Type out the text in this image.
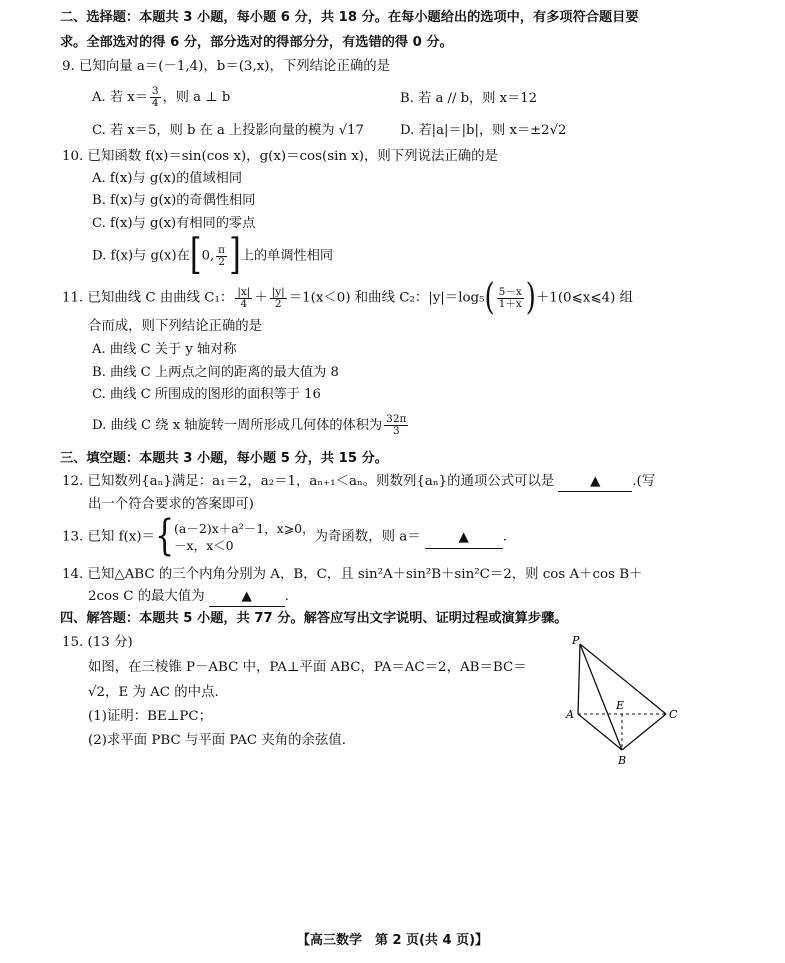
二、选择题：本题共 3 小题，每小题 6 分，共 18 分。在每小题给出的选项中，有多项符合题目要
求。全部选对的得 6 分，部分选对的得部分分，有选错的得 0 分。
9. 已知向量 a＝(－1,4)，b＝(3,x)，下列结论正确的是
A. 若 $x= \frac{3}{4}$ ，则 a ⊥ b	B. 若 a // b，则 x＝12
C. 若 x＝5，则 b 在 a 上投影向量的模为 √17	D. 若|a|＝|b|，则 x＝±2√2
10. 已知函数 f(x)＝sin(cos x)，g(x)＝cos(sin x)，则下列说法正确的是
A. f(x)与 g(x)的值域相同
B. f(x)与 g(x)的奇偶性相同
C. f(x)与 g(x)有相同的零点
D. f(x)与 g(x)在[0, $\frac{\pi}{2}$ ]上的单调性相同
11. 已知曲线 C 由曲线 C₁： $\frac{|x|}{4} + \frac{|y|}{2} =1(x<0)$ 和曲线 C₂：$|y|=\log_5( \frac{5-x}{1+x}$ )＋1(0⩽x⩽4) 组
合而成，则下列结论正确的是
A. 曲线 C 关于 y 轴对称
B. 曲线 C 上两点之间的距离的最大值为 8
C. 曲线 C 所围成的图形的面积等于 16
D. 曲线 C 绕 x 轴旋转一周所形成几何体的体积为 $\frac{32\pi}{3}$
三、填空题：本题共 3 小题，每小题 5 分，共 15 分。
12. 已知数列{aₙ}满足：a₁＝2，a₂＝1，aₙ₊₁＜aₙ。则数列{aₙ}的通项公式可以是	▲ .(写
出一个符合要求的答案即可)
13. 已知 f(x)＝{ (a－2)x＋a²－1，x⩾0，
－x，x＜0
为奇函数，则 a＝	▲	.
14. 已知△ABC 的三个内角分别为 A，B，C，且 sin²A＋sin²B＋sin²C＝2，则 cos A＋cos B＋
2cos C 的最大值为	▲ .
四、解答题：本题共 5 小题，共 77 分。解答应写出文字说明、证明过程或演算步骤。
15. (13 分)
如图，在三棱锥 P－ABC 中，PA⊥平面 ABC，PA＝AC＝2，AB＝BC＝
√2，E 为 AC 的中点.
(1)证明：BE⊥PC；
(2)求平面 PBC 与平面 PAC 夹角的余弦值.
P
A
E
C
B
【高三数学　第 2 页(共 4 页)】
